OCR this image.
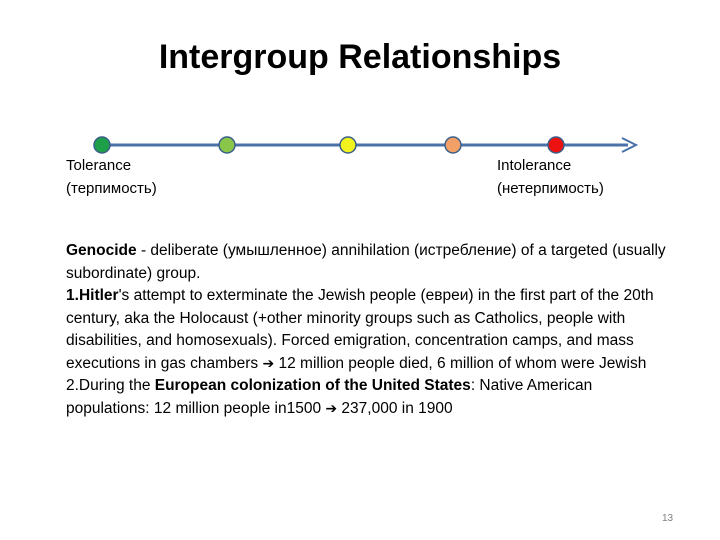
Intergroup Relationships
Tolerance
(терпимость)
Intolerance
(нетерпимость)

Genocide - deliberate (умышленное) annihilation (истребление) of a targeted (usually subordinate) group.

1.Hitler's attempt to exterminate the Jewish people (евреи) in the first part of the 20th century, aka the Holocaust (+other minority groups such as Catholics, people with disabilities, and homosexuals). Forced emigration, concentration camps, and mass executions in gas chambers ➔ 12 million people died, 6 million of whom were Jewish

2.During the European colonization of the United States: Native American populations: 12 million people in1500 ➔ 237,000 in 1900

13
